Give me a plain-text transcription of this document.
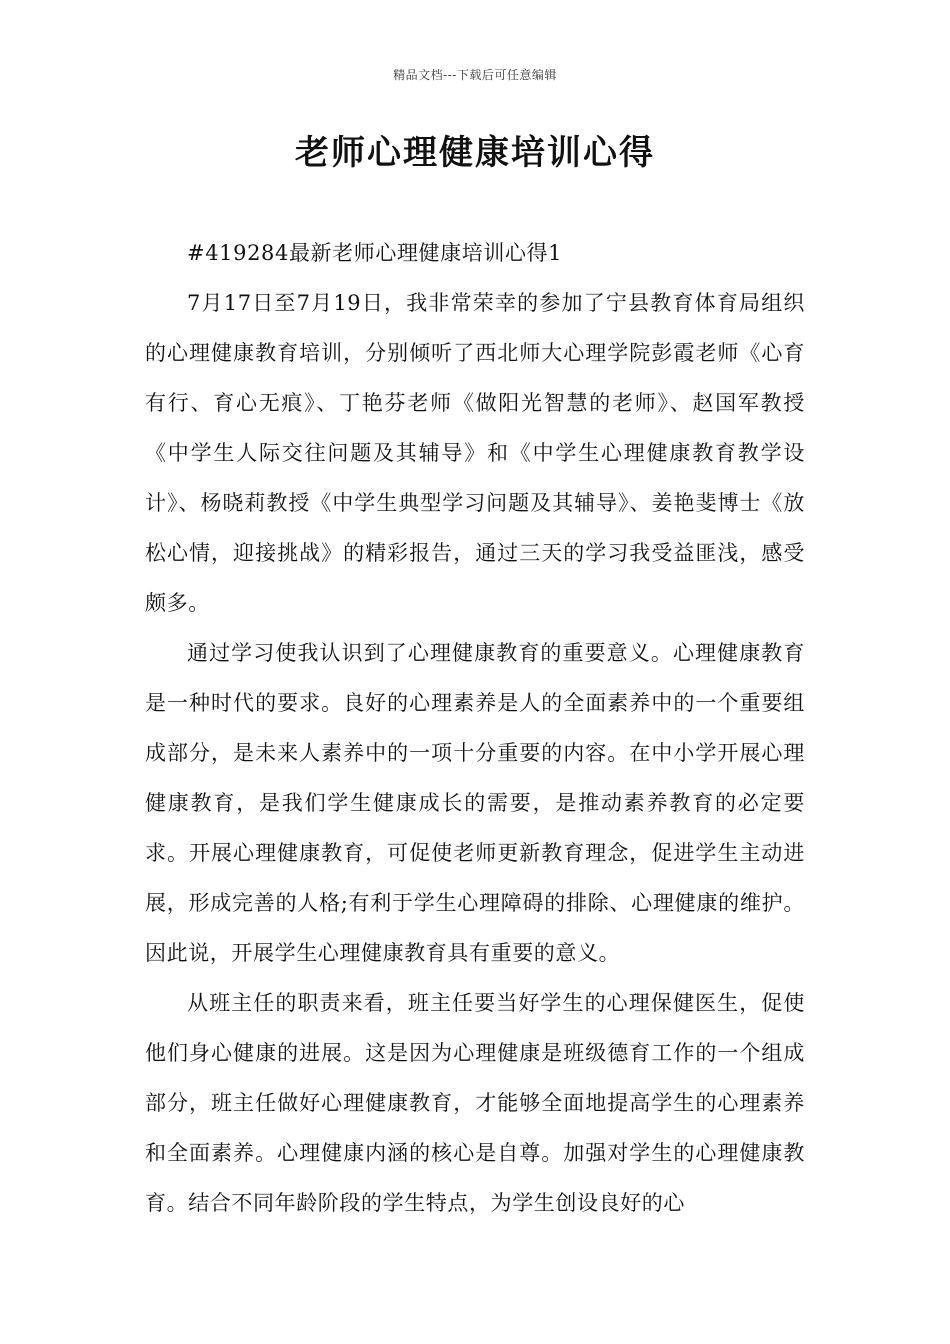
精品文档---下载后可任意编辑
老师心理健康培训心得

#419284最新老师心理健康培训心得1

7月17日至7月19日，我非常荣幸的参加了宁县教育体育局组织的心理健康教育培训，分别倾听了西北师大心理学院彭霞老师《心育有行、育心无痕》、丁艳芬老师《做阳光智慧的老师》、赵国军教授《中学生人际交往问题及其辅导》和《中学生心理健康教育教学设计》、杨晓莉教授《中学生典型学习问题及其辅导》、姜艳斐博士《放松心情，迎接挑战》的精彩报告，通过三天的学习我受益匪浅，感受颇多。

通过学习使我认识到了心理健康教育的重要意义。心理健康教育是一种时代的要求。良好的心理素养是人的全面素养中的一个重要组成部分，是未来人素养中的一项十分重要的内容。在中小学开展心理健康教育，是我们学生健康成长的需要，是推动素养教育的必定要求。开展心理健康教育，可促使老师更新教育理念，促进学生主动进展，形成完善的人格;有利于学生心理障碍的排除、心理健康的维护。因此说，开展学生心理健康教育具有重要的意义。

从班主任的职责来看，班主任要当好学生的心理保健医生，促使他们身心健康的进展。这是因为心理健康是班级德育工作的一个组成部分，班主任做好心理健康教育，才能够全面地提高学生的心理素养和全面素养。心理健康内涵的核心是自尊。加强对学生的心理健康教育。结合不同年龄阶段的学生特点，为学生创设良好的心
